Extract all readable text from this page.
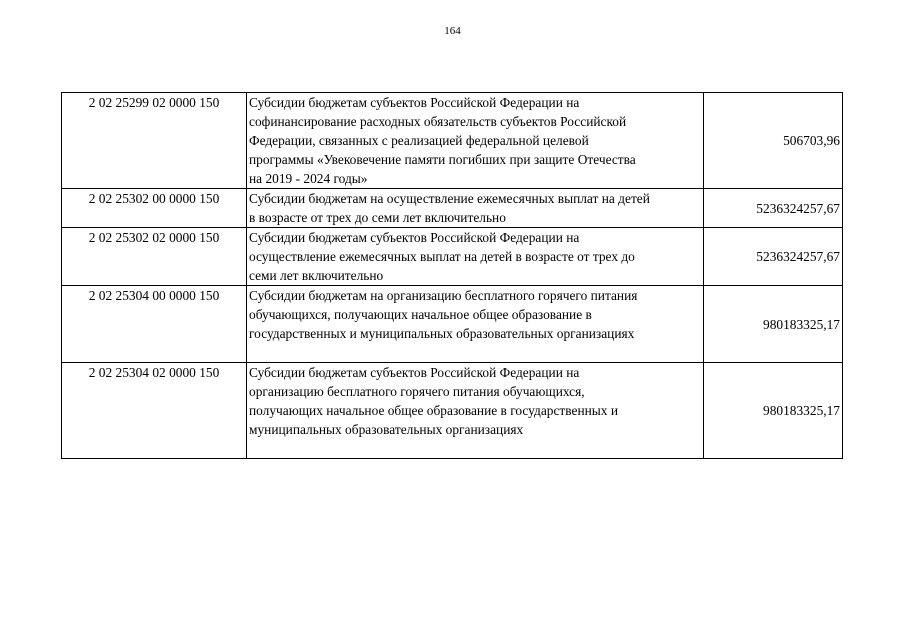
164
2 02 25299 02 0000 150	Субсидии бюджетам субъектов Российской Федерации на
софинансирование расходных обязательств субъектов Российской
Федерации, связанных с реализацией федеральной целевой
программы «Увековечение памяти погибших при защите Отечества
на 2019 - 2024 годы»	506703,96
2 02 25302 00 0000 150	Субсидии бюджетам на осуществление ежемесячных выплат на детей
в возрасте от трех до семи лет включительно	5236324257,67
2 02 25302 02 0000 150	Субсидии бюджетам субъектов Российской Федерации на
осуществление ежемесячных выплат на детей в возрасте от трех до
семи лет включительно	5236324257,67
2 02 25304 00 0000 150	Субсидии бюджетам на организацию бесплатного горячего питания
обучающихся, получающих начальное общее образование в
государственных и муниципальных образовательных организациях	980183325,17
2 02 25304 02 0000 150	Субсидии бюджетам субъектов Российской Федерации на
организацию бесплатного горячего питания обучающихся,
получающих начальное общее образование в государственных и
муниципальных образовательных организациях	980183325,17
